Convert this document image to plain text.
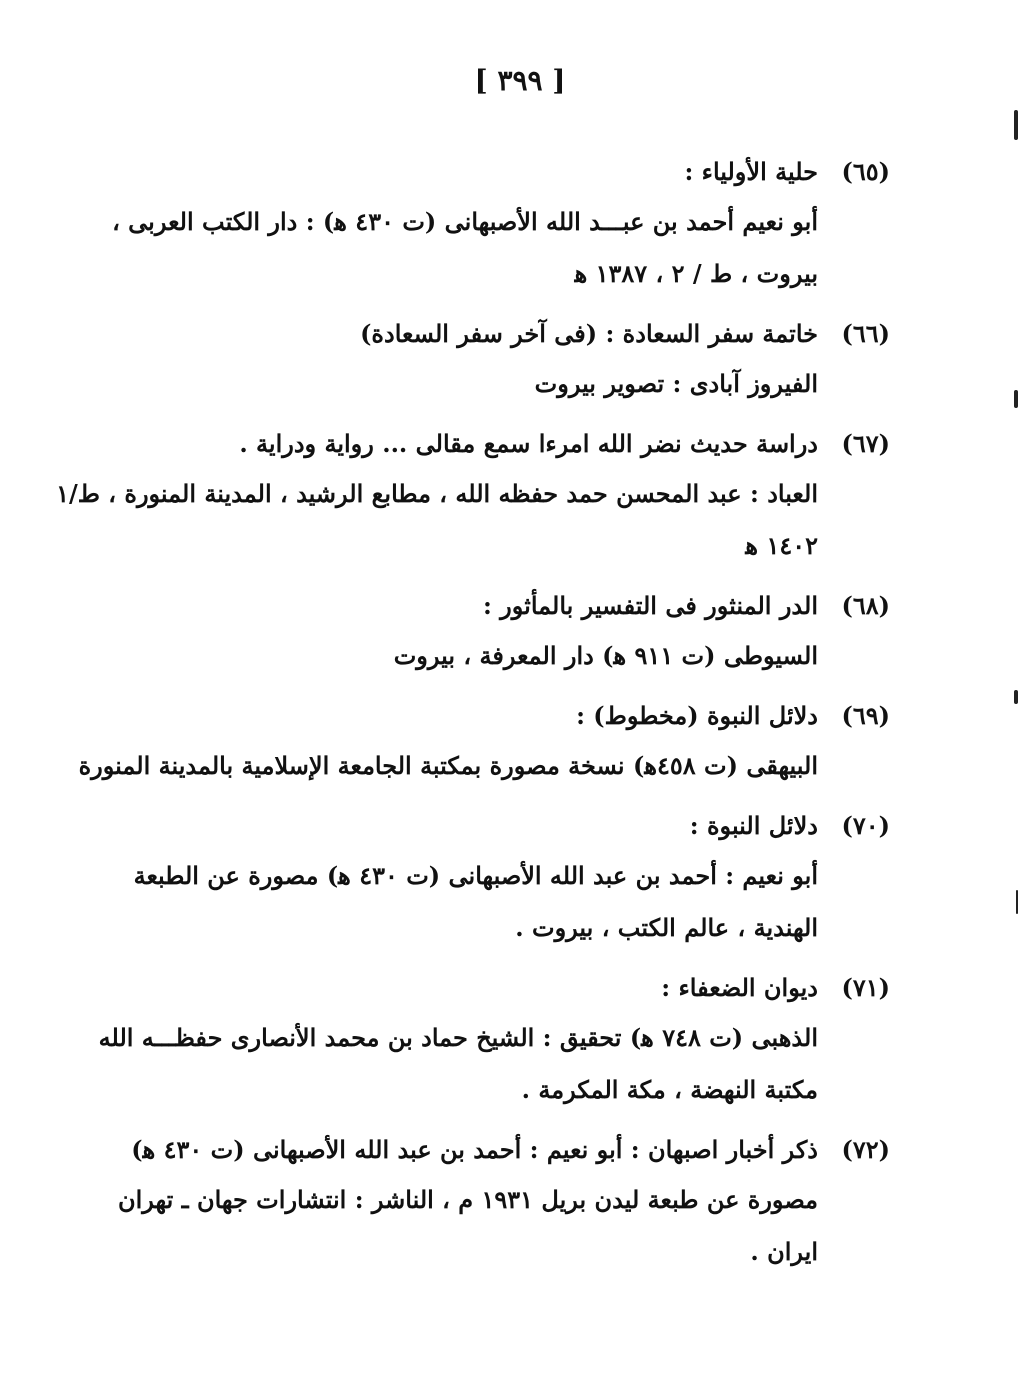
[ ٣٩٩ ]
(٦٥)
حلية الأولياء :
أبو نعيم أحمد بن عبـــد الله الأصبهانى (ت ٤٣٠ ﻫ) : دار الكتب العربى ،
بيروت ، ط / ٢ ، ١٣٨٧ ﻫ
(٦٦)
خاتمة سفر السعادة : (فى آخر سفر السعادة)
الفيروز آبادى : تصوير بيروت
(٦٧)
دراسة حديث نضر الله امرءا سمع مقالى ... رواية ودراية .
العباد : عبد المحسن حمد حفظه الله ، مطابع الرشيد ، المدينة المنورة ، ط/١
١٤٠٢ ﻫ
(٦٨)
الدر المنثور فى التفسير بالمأثور :
السيوطى (ت ٩١١ ﻫ) دار المعرفة ، بيروت
(٦٩)
دلائل النبوة (مخطوط) :
البيهقى (ت ٤٥٨ﻫ) نسخة مصورة بمكتبة الجامعة الإسلامية بالمدينة المنورة
(٧٠)
دلائل النبوة :
أبو نعيم : أحمد بن عبد الله الأصبهانى (ت ٤٣٠ ﻫ) مصورة عن الطبعة
الهندية ، عالم الكتب ، بيروت .
(٧١)
ديوان الضعفاء :
الذهبى (ت ٧٤٨ ﻫ) تحقيق : الشيخ حماد بن محمد الأنصارى حفظـــه الله
مكتبة النهضة ، مكة المكرمة .
(٧٢)
ذكر أخبار اصبهان : أبو نعيم : أحمد بن عبد الله الأصبهانى (ت ٤٣٠ ﻫ)
مصورة عن طبعة ليدن بريل ١٩٣١ م ، الناشر : انتشارات جهان ـ تهران
ايران .
